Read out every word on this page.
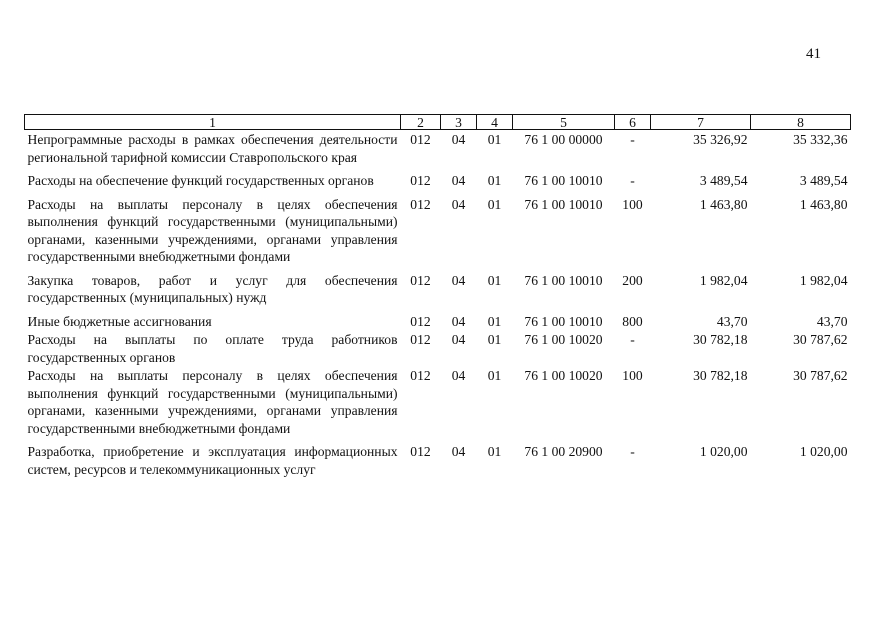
41
1	2	3	4	5	6	7	8
Непрограммные расходы в рамках обеспечения деятельности региональной тарифной комиссии Ставропольского края	012	04	01	76 1 00 00000	-	35 326,92	35 332,36
Расходы на обеспечение функций государственных органов	012	04	01	76 1 00 10010	-	3 489,54	3 489,54
Расходы на выплаты персоналу в целях обеспечения выполнения функций государственными (муниципальными) органами, казенными учреждениями, органами управления государственными внебюджетными фондами	012	04	01	76 1 00 10010	100	1 463,80	1 463,80
Закупка товаров, работ и услуг для обеспечения государственных (муниципальных) нужд	012	04	01	76 1 00 10010	200	1 982,04	1 982,04
Иные бюджетные ассигнования	012	04	01	76 1 00 10010	800	43,70	43,70
Расходы на выплаты по оплате труда работников государственных органов	012	04	01	76 1 00 10020	-	30 782,18	30 787,62
Расходы на выплаты персоналу в целях обеспечения выполнения функций государственными (муниципальными) органами, казенными учреждениями, органами управления государственными внебюджетными фондами	012	04	01	76 1 00 10020	100	30 782,18	30 787,62
Разработка, приобретение и эксплуатация информационных систем, ресурсов и телекоммуникационных услуг	012	04	01	76 1 00 20900	-	1 020,00	1 020,00
